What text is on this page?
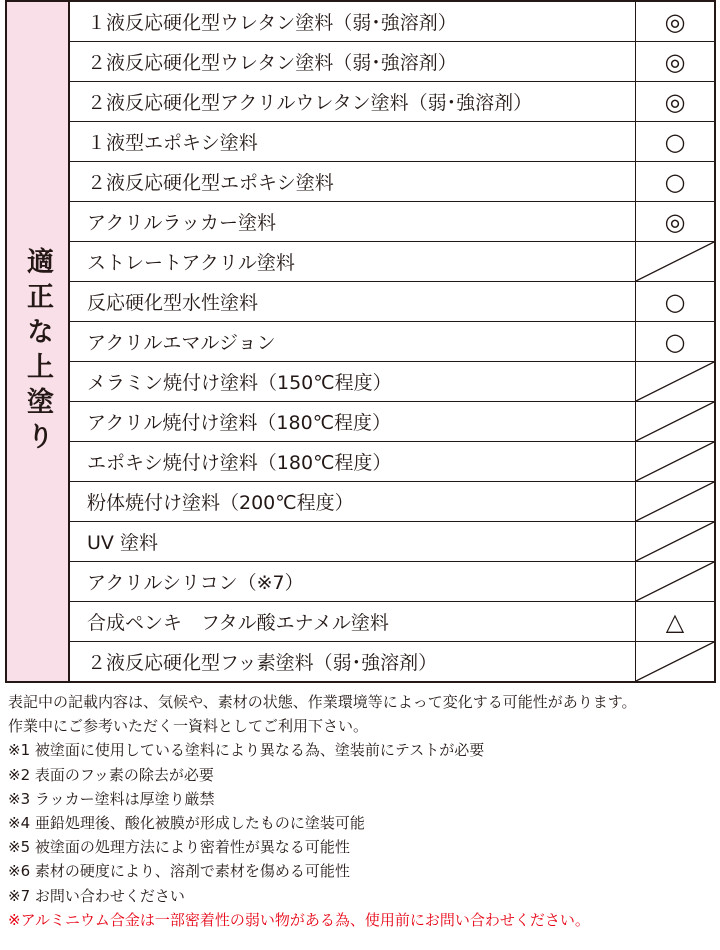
適正な上塗り
１液反応硬化型ウレタン塗料（弱･強溶剤）	◎
２液反応硬化型ウレタン塗料（弱･強溶剤）	◎
２液反応硬化型アクリルウレタン塗料（弱･強溶剤）	◎
１液型エポキシ塗料	○
２液反応硬化型エポキシ塗料	○
アクリルラッカー塗料	◎
ストレートアクリル塗料
反応硬化型水性塗料	○
アクリルエマルジョン	○
メラミン焼付け塗料（150℃程度）
アクリル焼付け塗料（180℃程度）
エポキシ焼付け塗料（180℃程度）
粉体焼付け塗料（200℃程度）
UV 塗料
アクリルシリコン（※7）
合成ペンキ　フタル酸エナメル塗料	△
２液反応硬化型フッ素塗料（弱･強溶剤）
表記中の記載内容は、気候や、素材の状態、作業環境等によって変化する可能性があります。
作業中にご参考いただく一資料としてご利用下さい。
※1 被塗面に使用している塗料により異なる為、塗装前にテストが必要
※2 表面のフッ素の除去が必要
※3 ラッカー塗料は厚塗り厳禁
※4 亜鉛処理後、酸化被膜が形成したものに塗装可能
※5 被塗面の処理方法により密着性が異なる可能性
※6 素材の硬度により、溶剤で素材を傷める可能性
※7 お問い合わせください
※アルミニウム合金は一部密着性の弱い物がある為、使用前にお問い合わせください。
